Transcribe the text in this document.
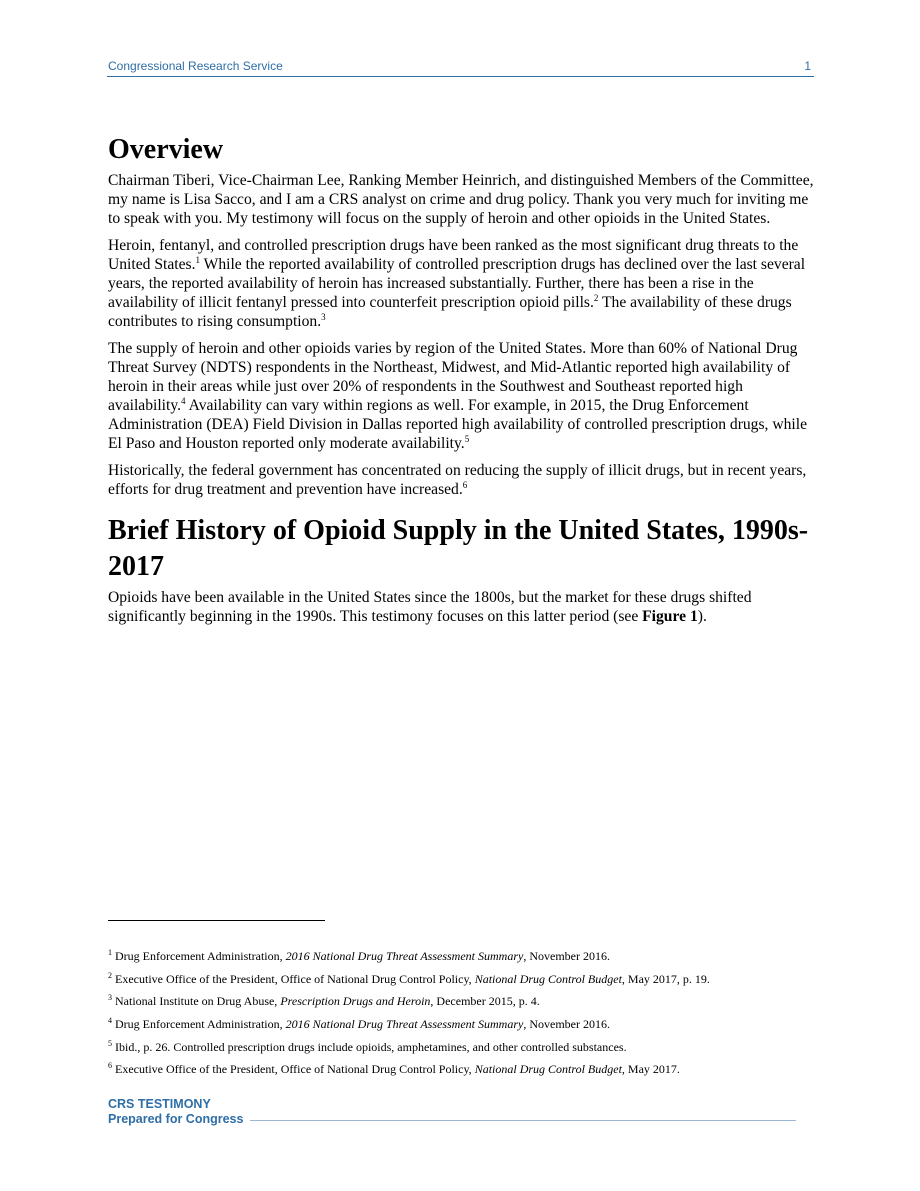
Congressional Research Service	1
Overview

Chairman Tiberi, Vice-Chairman Lee, Ranking Member Heinrich, and distinguished Members of the Committee, my name is Lisa Sacco, and I am a CRS analyst on crime and drug policy. Thank you very much for inviting me to speak with you. My testimony will focus on the supply of heroin and other opioids in the United States.

Heroin, fentanyl, and controlled prescription drugs have been ranked as the most significant drug threats to the United States.$^1$ While the reported availability of controlled prescription drugs has declined over the last several years, the reported availability of heroin has increased substantially. Further, there has been a rise in the availability of illicit fentanyl pressed into counterfeit prescription opioid pills.$^2$ The availability of these drugs contributes to rising consumption.$^3$

The supply of heroin and other opioids varies by region of the United States. More than 60% of National Drug Threat Survey (NDTS) respondents in the Northeast, Midwest, and Mid-Atlantic reported high availability of heroin in their areas while just over 20% of respondents in the Southwest and Southeast reported high availability.$^4$ Availability can vary within regions as well. For example, in 2015, the Drug Enforcement Administration (DEA) Field Division in Dallas reported high availability of controlled prescription drugs, while El Paso and Houston reported only moderate availability.$^5$

Historically, the federal government has concentrated on reducing the supply of illicit drugs, but in recent years, efforts for drug treatment and prevention have increased.$^6$

Brief History of Opioid Supply in the United States, 1990s-2017

Opioids have been available in the United States since the 1800s, but the market for these drugs shifted significantly beginning in the 1990s. This testimony focuses on this latter period (see Figure 1).

$^1$ Drug Enforcement Administration, 2016 National Drug Threat Assessment Summary, November 2016.
$^2$ Executive Office of the President, Office of National Drug Control Policy, National Drug Control Budget, May 2017, p. 19.
$^3$ National Institute on Drug Abuse, Prescription Drugs and Heroin, December 2015, p. 4.
$^4$ Drug Enforcement Administration, 2016 National Drug Threat Assessment Summary, November 2016.
$^5$ Ibid., p. 26. Controlled prescription drugs include opioids, amphetamines, and other controlled substances.
$^6$ Executive Office of the President, Office of National Drug Control Policy, National Drug Control Budget, May 2017.
CRS TESTIMONY
Prepared for Congress
